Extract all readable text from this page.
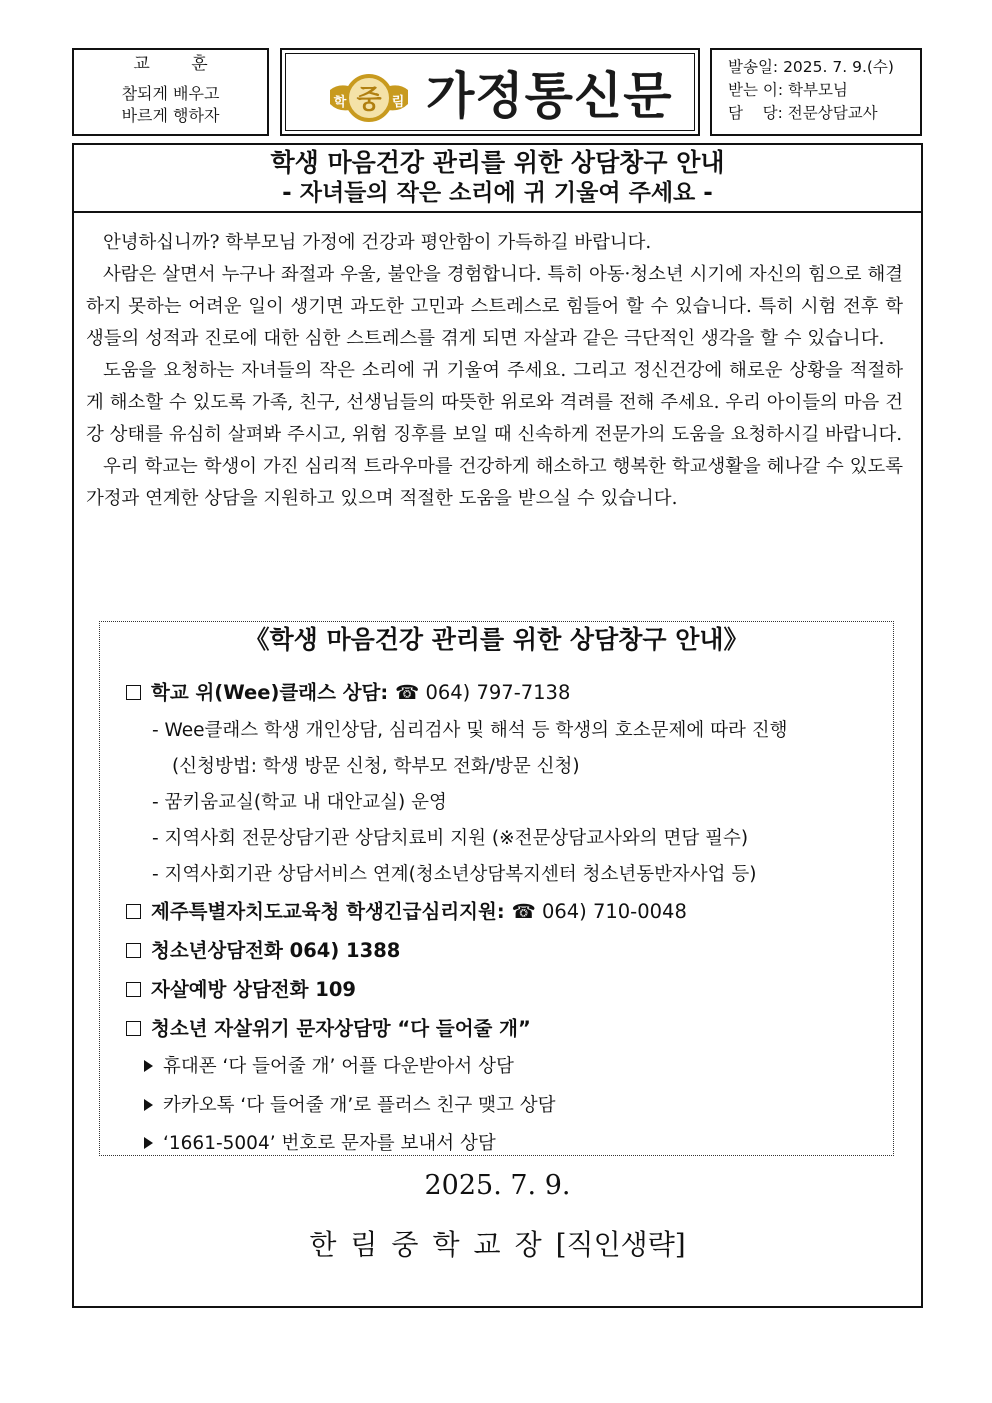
교 훈
참되게 배우고
바르게 행하자
학	림
중 가정통신문	발송일: 2025. 7. 9.(수)
받는 이: 학부모님
담    당: 전문상담교사
학생 마음건강 관리를 위한 상담창구 안내
- 자녀들의 작은 소리에 귀 기울여 주세요 -

안녕하십니까? 학부모님 가정에 건강과 평안함이 가득하길 바랍니다.

사람은 살면서 누구나 좌절과 우울, 불안을 경험합니다. 특히 아동·청소년 시기에 자신의 힘으로 해결하지 못하는 어려운 일이 생기면 과도한 고민과 스트레스로 힘들어 할 수 있습니다. 특히 시험 전후 학생들의 성적과 진로에 대한 심한 스트레스를 겪게 되면 자살과 같은 극단적인 생각을 할 수 있습니다.

도움을 요청하는 자녀들의 작은 소리에 귀 기울여 주세요. 그리고 정신건강에 해로운 상황을 적절하게 해소할 수 있도록 가족, 친구, 선생님들의 따뜻한 위로와 격려를 전해 주세요. 우리 아이들의 마음 건강 상태를 유심히 살펴봐 주시고, 위험 징후를 보일 때 신속하게 전문가의 도움을 요청하시길 바랍니다.

우리 학교는 학생이 가진 심리적 트라우마를 건강하게 해소하고 행복한 학교생활을 헤나갈 수 있도록 가정과 연계한 상담을 지원하고 있으며 적절한 도움을 받으실 수 있습니다.

《학생 마음건강 관리를 위한 상담창구 안내》
학교 위(Wee)클래스 상담: ☎ 064) 797-7138
- Wee클래스 학생 개인상담, 심리검사 및 해석 등 학생의 호소문제에 따라 진행
(신청방법: 학생 방문 신청, 학부모 전화/방문 신청)
- 꿈키움교실(학교 내 대안교실) 운영
- 지역사회 전문상담기관 상담치료비 지원 (※전문상담교사와의 면담 필수)
- 지역사회기관 상담서비스 연계(청소년상담복지센터 청소년동반자사업 등)
제주특별자치도교육청 학생긴급심리지원: ☎ 064) 710-0048
청소년상담전화 064) 1388
자살예방 상담전화 109
청소년 자살위기 문자상담망 “다 들어줄 개”
휴대폰 ‘다 들어줄 개’ 어플 다운받아서 상담
카카오톡 ‘다 들어줄 개’로 플러스 친구 맺고 상담
‘1661-5004’ 번호로 문자를 보내서 상담
2025. 7. 9.
한림중학교장[직인생략]
